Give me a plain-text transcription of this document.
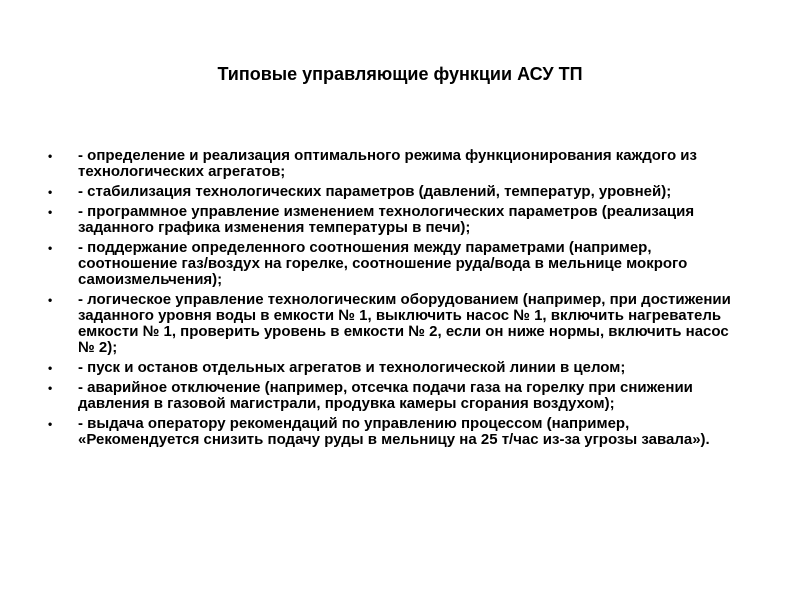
Типовые управляющие функции АСУ ТП
• - определение и реализация оптимального режима функционирования каждого из технологических агрегатов;
• - стабилизация технологических параметров (давлений, температур, уровней);
• - программное управление изменением технологических параметров (реализация заданного графика изменения температуры в печи);
• - поддержание определенного соотношения между параметрами (например, соотношение газ/воздух на горелке, соотношение руда/вода в мельнице мокрого самоизмельчения);
• - логическое управление технологическим оборудованием (например, при достижении заданного уровня воды в емкости № 1, выключить насос № 1, включить нагреватель емкости № 1, проверить уровень в емкости № 2, если он ниже нормы, включить насос № 2);
• - пуск и останов отдельных агрегатов и технологической линии в целом;
• - аварийное отключение (например, отсечка подачи газа на горелку при снижении давления в газовой магистрали, продувка камеры сгорания воздухом);
• - выдача оператору рекомендаций по управлению процессом (например, «Рекомендуется снизить подачу руды в мельницу на 25 т/час из-за угрозы завала»).
